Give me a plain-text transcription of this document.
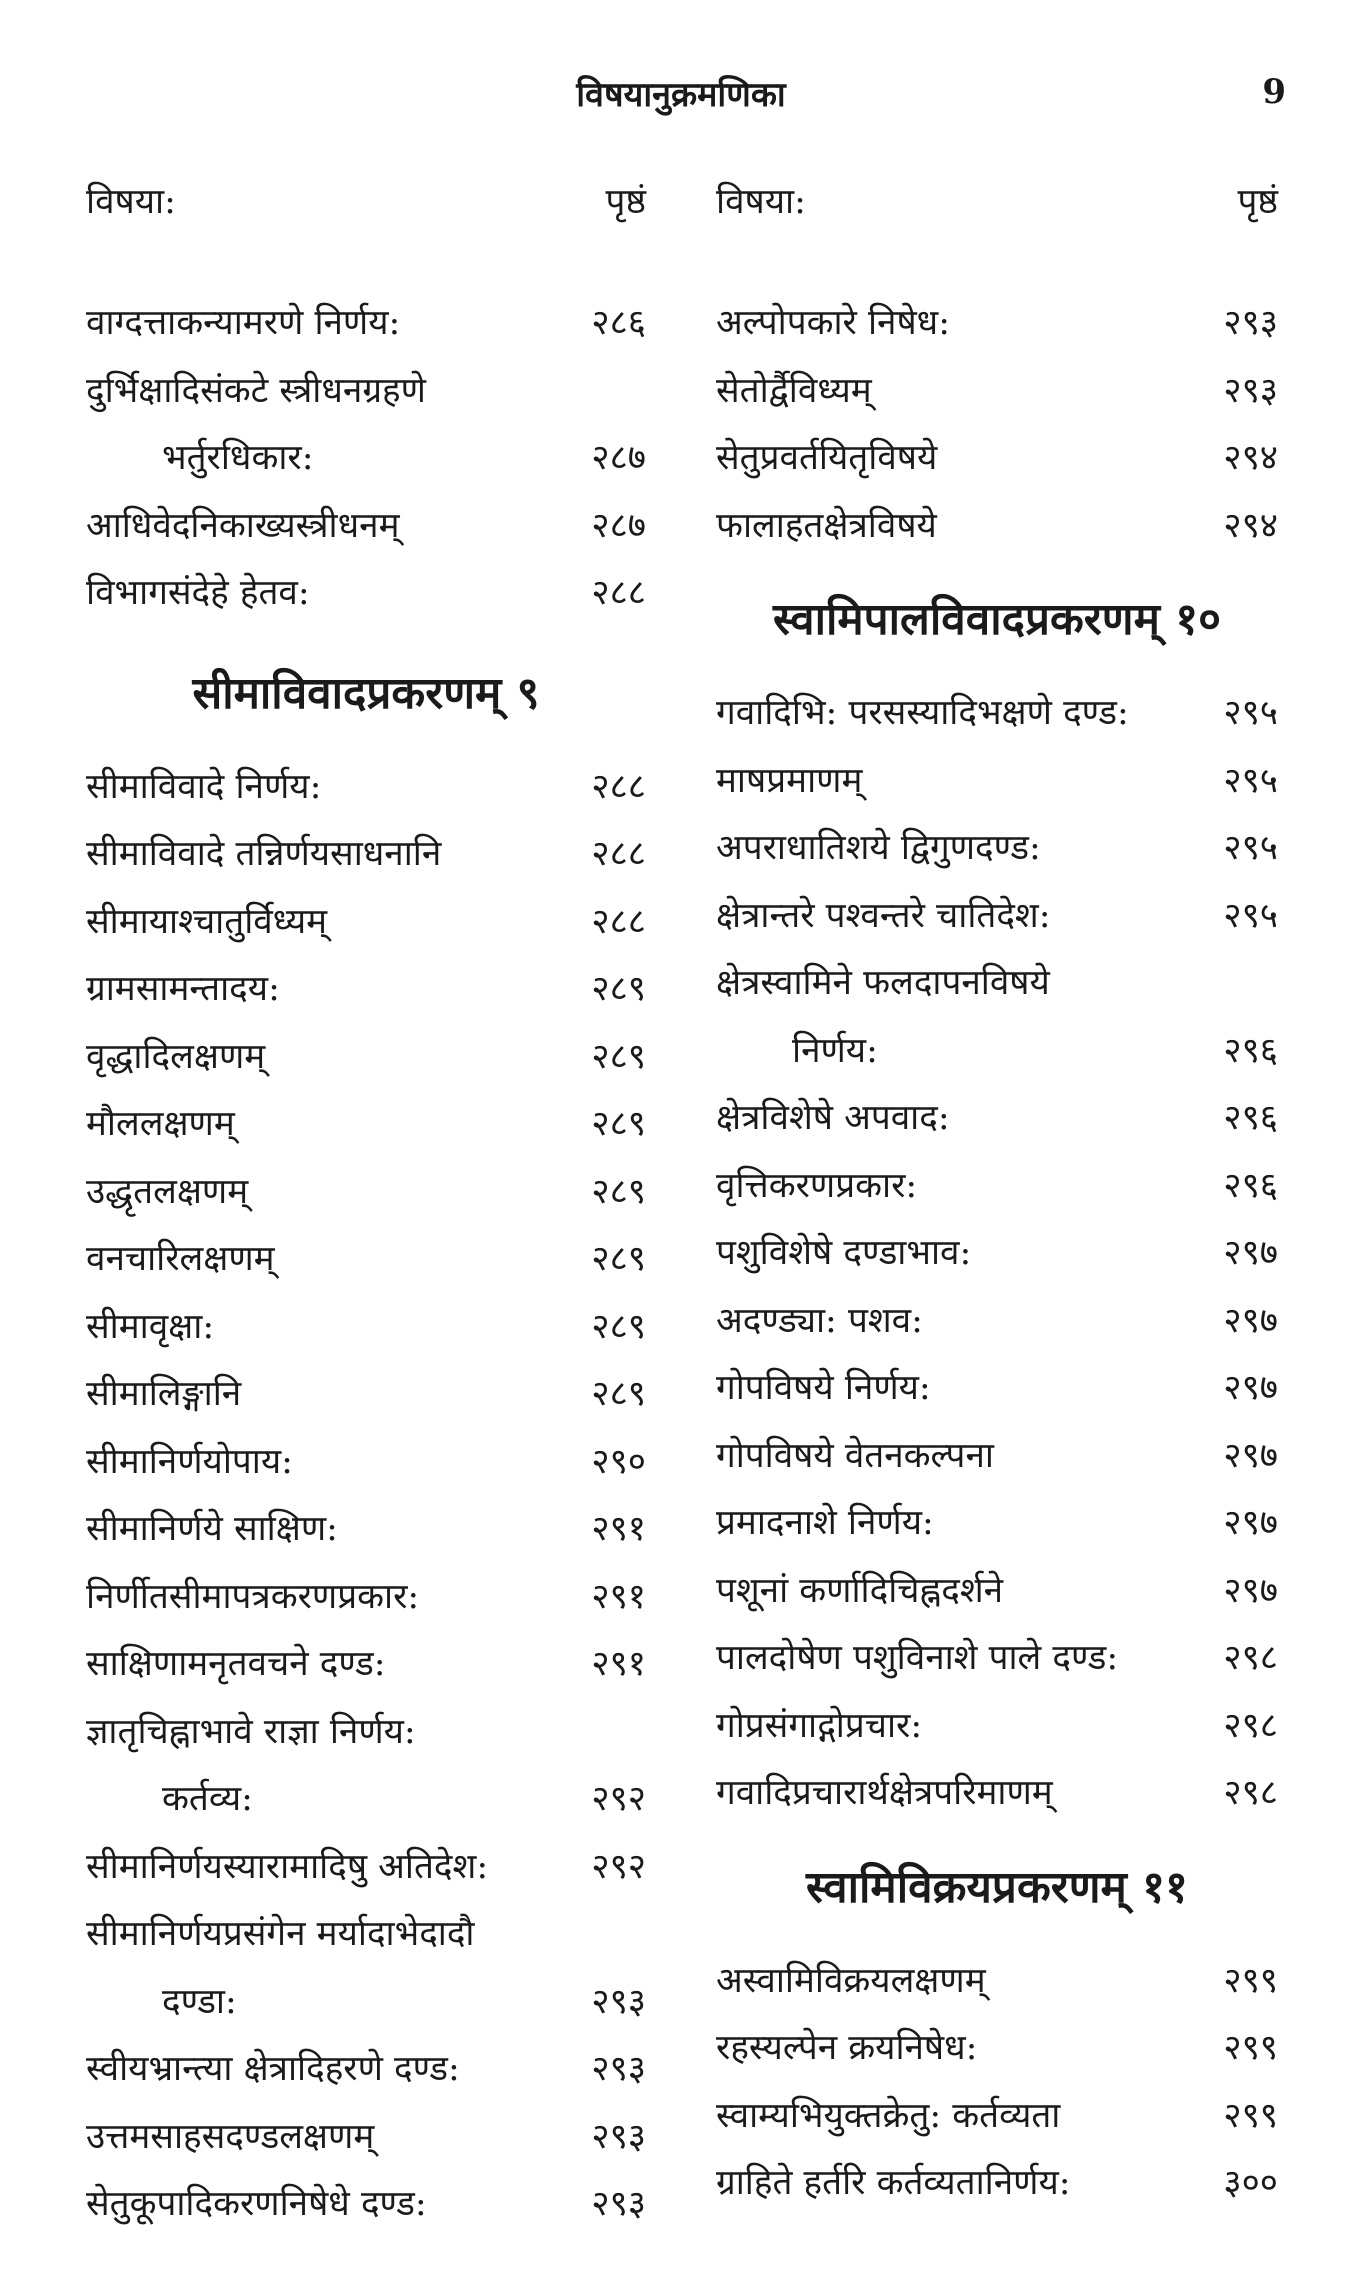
विषयानुक्रमणिका	9
विषया:	पृष्ठं
वाग्दत्ताकन्यामरणे निर्णय:	२८६
दुर्भिक्षादिसंकटे स्त्रीधनग्रहणे
भर्तुरधिकार:	२८७
आधिवेदनिकाख्यस्त्रीधनम्	२८७
विभागसंदेहे हेतव:	२८८
सीमाविवादप्रकरणम् ९
सीमाविवादे निर्णय:	२८८
सीमाविवादे तन्निर्णयसाधनानि	२८८
सीमायाश्चातुर्विध्यम्	२८८
ग्रामसामन्तादय:	२८९
वृद्धादिलक्षणम्	२८९
मौललक्षणम्	२८९
उद्धृतलक्षणम्	२८९
वनचारिलक्षणम्	२८९
सीमावृक्षा:	२८९
सीमालिङ्गानि	२८९
सीमानिर्णयोपाय:	२९०
सीमानिर्णये साक्षिण:	२९१
निर्णीतसीमापत्रकरणप्रकार:	२९१
साक्षिणामनृतवचने दण्ड:	२९१
ज्ञातृचिह्नाभावे राज्ञा निर्णय:
कर्तव्य:	२९२
सीमानिर्णयस्यारामादिषु अतिदेश:	२९२
सीमानिर्णयप्रसंगेन मर्यादाभेदादौ
दण्डा:	२९३
स्वीयभ्रान्त्या क्षेत्रादिहरणे दण्ड:	२९३
उत्तमसाहसदण्डलक्षणम्	२९३
सेतुकूपादिकरणनिषेधे दण्ड:	२९३
विषया:	पृष्ठं
अल्पोपकारे निषेध:	२९३
सेतोर्द्वैविध्यम्	२९३
सेतुप्रवर्तयितृविषये	२९४
फालाहतक्षेत्रविषये	२९४
स्वामिपालविवादप्रकरणम् १०
गवादिभि: परसस्यादिभक्षणे दण्ड:	२९५
माषप्रमाणम्	२९५
अपराधातिशये द्विगुणदण्ड:	२९५
क्षेत्रान्तरे पश्वन्तरे चातिदेश:	२९५
क्षेत्रस्वामिने फलदापनविषये
निर्णय:	२९६
क्षेत्रविशेषे अपवाद:	२९६
वृत्तिकरणप्रकार:	२९६
पशुविशेषे दण्डाभाव:	२९७
अदण्ड्या: पशव:	२९७
गोपविषये निर्णय:	२९७
गोपविषये वेतनकल्पना	२९७
प्रमादनाशे निर्णय:	२९७
पशूनां कर्णादिचिह्नदर्शने	२९७
पालदोषेण पशुविनाशे पाले दण्ड:	२९८
गोप्रसंगाद्गोप्रचार:	२९८
गवादिप्रचारार्थक्षेत्रपरिमाणम्	२९८
स्वामिविक्रयप्रकरणम् ११
अस्वामिविक्रयलक्षणम्	२९९
रहस्यल्पेन क्रयनिषेध:	२९९
स्वाम्यभियुक्तक्रेतु: कर्तव्यता	२९९
ग्राहिते हर्तरि कर्तव्यतानिर्णय:	३००
